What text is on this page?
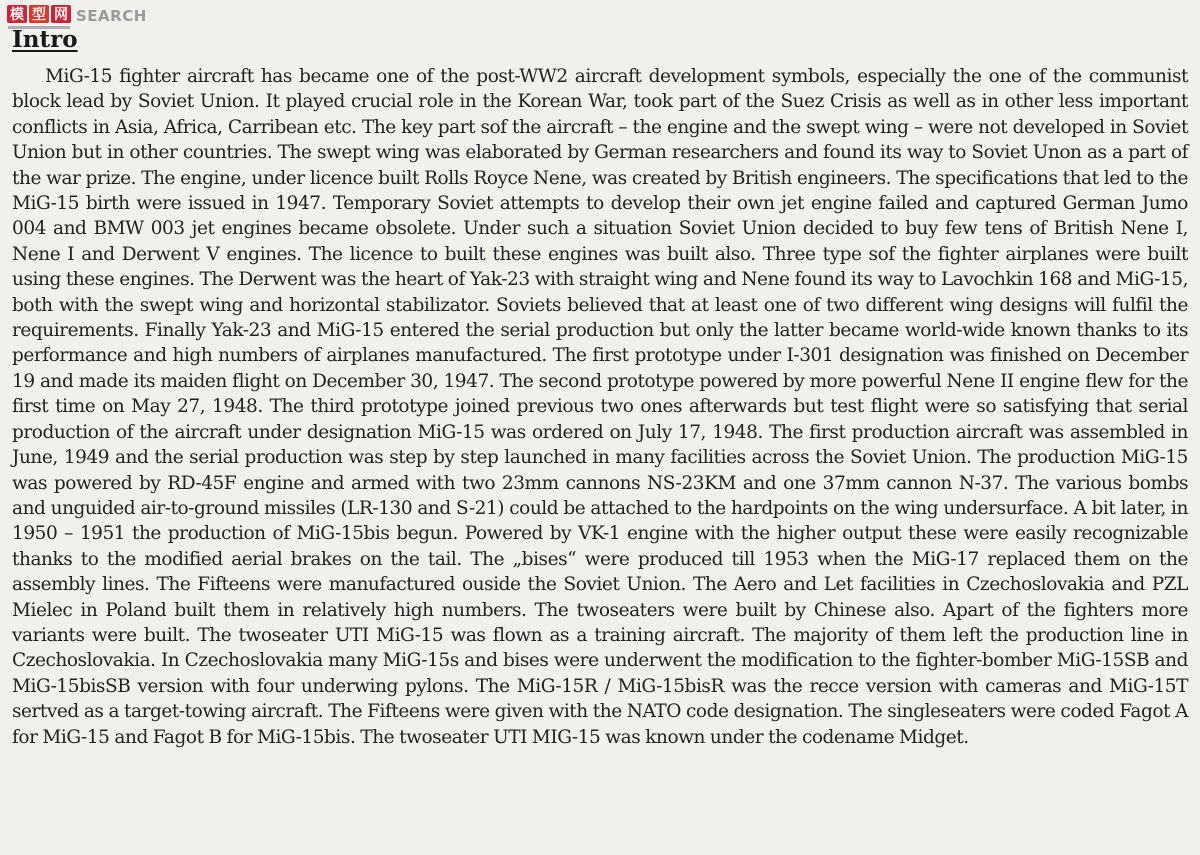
模 型 网 SEARCH
Intro

MiG-15 fighter aircraft has became one of the post-WW2 aircraft development symbols, especially the one of the communist block lead by Soviet Union. It played crucial role in the Korean War, took part of the Suez Crisis as well as in other less important conflicts in Asia, Africa, Carribean etc. The key part sof the aircraft – the engine and the swept wing – were not developed in Soviet Union but in other countries. The swept wing was elaborated by German researchers and found its way to Soviet Unon as a part of the war prize. The engine, under licence built Rolls Royce Nene, was created by British engineers. The specifications that led to the MiG-15 birth were issued in 1947. Temporary Soviet attempts to develop their own jet engine failed and captured German Jumo 004 and BMW 003 jet engines became obsolete. Under such a situation Soviet Union decided to buy few tens of British Nene I, Nene I and Derwent V engines. The licence to built these engines was built also. Three type sof the fighter airplanes were built using these engines. The Derwent was the heart of Yak-23 with straight wing and Nene found its way to Lavochkin 168 and MiG-15, both with the swept wing and horizontal stabilizator. Soviets believed that at least one of two different wing designs will fulfil the requirements. Finally Yak-23 and MiG-15 entered the serial production but only the latter became world-wide known thanks to its performance and high numbers of airplanes manufactured. The first prototype under I-301 designation was finished on December 19 and made its maiden flight on December 30, 1947. The second prototype powered by more powerful Nene II engine flew for the first time on May 27, 1948. The third prototype joined previous two ones afterwards but test flight were so satisfying that serial production of the aircraft under designation MiG-15 was ordered on July 17, 1948. The first production aircraft was assembled in June, 1949 and the serial production was step by step launched in many facilities across the Soviet Union. The production MiG-15 was powered by RD-45F engine and armed with two 23mm cannons NS-23KM and one 37mm cannon N-37. The various bombs and unguided air-to-ground missiles (LR-130 and S-21) could be attached to the hardpoints on the wing undersurface. A bit later, in 1950 – 1951 the production of MiG-15bis begun. Powered by VK-1 engine with the higher output these were easily recognizable thanks to the modified aerial brakes on the tail. The „bises“ were produced till 1953 when the MiG-17 replaced them on the assembly lines. The Fifteens were manufactured ouside the Soviet Union. The Aero and Let facilities in Czechoslovakia and PZL Mielec in Poland built them in relatively high numbers. The twoseaters were built by Chinese also. Apart of the fighters more variants were built. The twoseater UTI MiG-15 was flown as a training aircraft. The majority of them left the production line in Czechoslovakia. In Czechoslovakia many MiG-15s and bises were underwent the modification to the fighter-bomber MiG-15SB and MiG-15bisSB version with four underwing pylons. The MiG-15R / MiG-15bisR was the recce version with cameras and MiG-15T sertved as a target-towing aircraft. The Fifteens were given with the NATO code designation. The singleseaters were coded Fagot A for MiG-15 and Fagot B for MiG-15bis. The twoseater UTI MIG-15 was known under the codename Midget.
